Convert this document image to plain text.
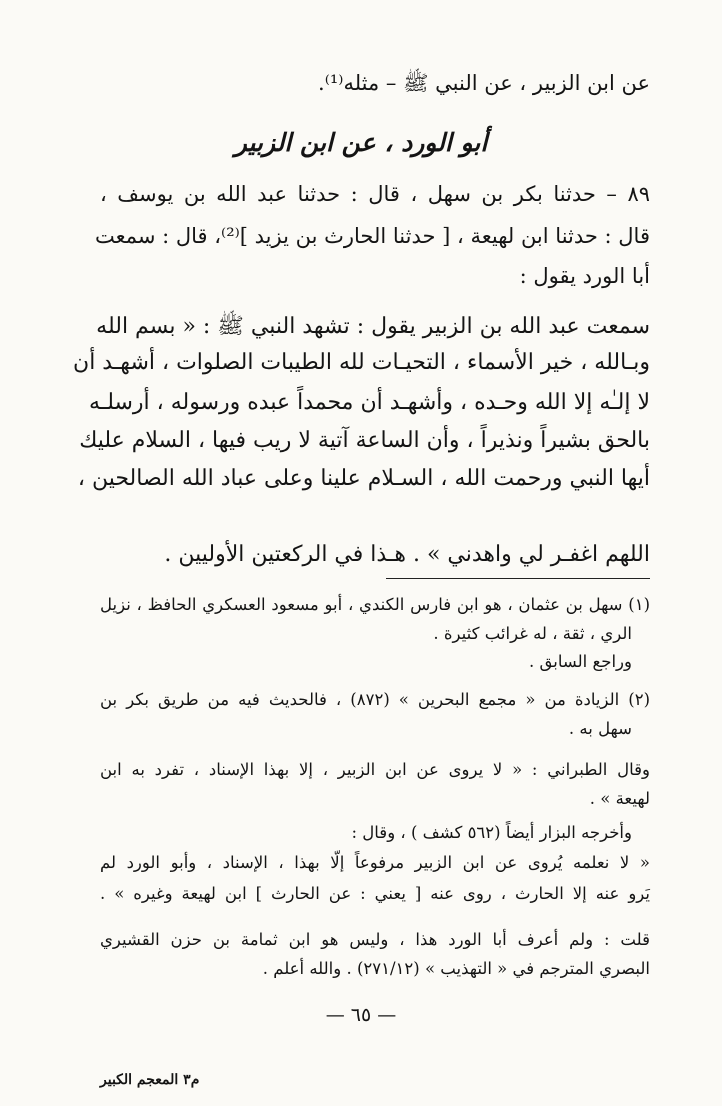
عن ابن الزبير ، عن النبي ﷺ – مثله⁽¹⁾.
أبو الورد ، عن ابن الزبير
٨٩ – حدثنا بكر بن سهل ، قال : حدثنا عبد الله بن يوسف ،
قال : حدثنا ابن لهيعة ، [ حدثنا الحارث بن يزيد ]⁽²⁾، قال : سمعت
أبا الورد يقول :
سمعت عبد الله بن الزبير يقول : تشهد النبي ﷺ : « بسم الله
وبـالله ، خير الأسماء ، التحيـات لله الطيبات الصلوات ، أشهـد أن
لا إلـٰه إلا الله وحـده ، وأشهـد أن محمداً عبده ورسوله ، أرسلـه
بالحق بشيراً ونذيراً ، وأن الساعة آتية لا ريب فيها ، السلام عليك
أيها النبي ورحمت الله ، السـلام علينا وعلى عباد الله الصالحين ،
اللهم اغفـر لي واهدني » . هـذا في الركعتين الأوليين .
(١) سهل بن عثمان ، هو ابن فارس الكندي ، أبو مسعود العسكري الحافظ ، نزيل
الري ، ثقة ، له غرائب كثيرة .
وراجع السابق .
(٢) الزيادة من « مجمع البحرين » (٨٧٢) ، فالحديث فيه من طريق بكر بن
سهل به .
وقال الطبراني : « لا يروى عن ابن الزبير ، إلا بهذا الإسناد ، تفرد به ابن
لهيعة » .
وأخرجه البزار أيضاً (٥٦٢ كشف ) ، وقال :
« لا نعلمه يُروى عن ابن الزبير مرفوعاً إلّا بهذا ، الإسناد ، وأبو الورد لم
يَرو عنه إلا الحارث ، روى عنه [ يعني : عن الحارث ] ابن لهيعة وغيره » .
قلت : ولم أعرف أبا الورد هذا ، وليس هو ابن ثمامة بن حزن القشيري
البصري المترجم في « التهذيب » (٢٧١/١٢) . والله أعلم .
— ٦٥ —
م٣ المعجم الكبير
